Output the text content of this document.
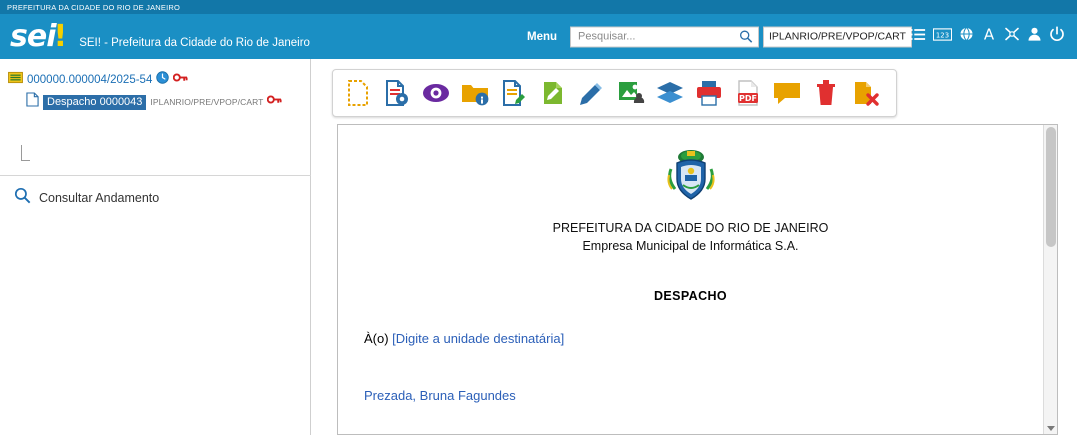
PREFEITURA DA CIDADE DO RIO DE JANEIRO
sei
! SEI! - Prefeitura da Cidade do Rio de Janeiro	Menu
Pesquisar...	IPLANRIO/PRE/VPOP/CART	123 A
000000.000004/2025-54
Despacho 0000043 IPLANRIO/PRE/VPOP/CART
Consultar Andamento
PDF
PREFEITURA DA CIDADE DO RIO DE JANEIRO
Empresa Municipal de Informática S.A.
DESPACHO
À(o) [Digite a unidade destinatária]
Prezada, Bruna Fagundes
